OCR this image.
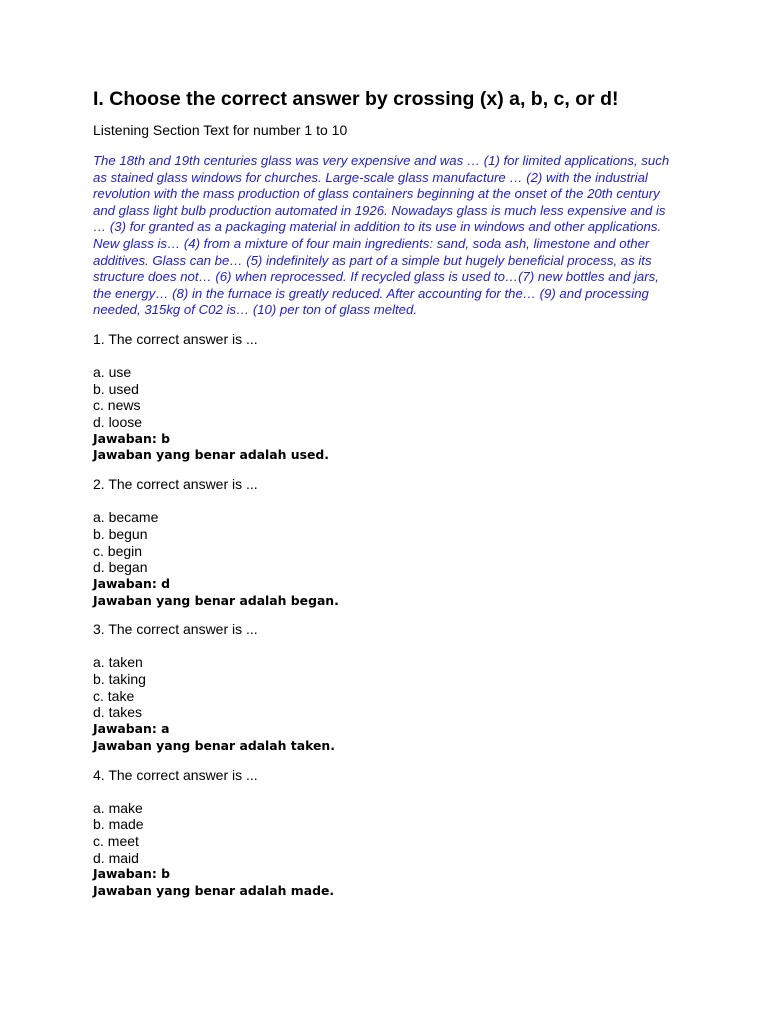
I. Choose the correct answer by crossing (x) a, b, c, or d!

Listening Section Text for number 1 to 10

The 18th and 19th centuries glass was very expensive and was … (1) for limited applications, such as stained glass windows for churches. Large-scale glass manufacture … (2) with the industrial revolution with the mass production of glass containers beginning at the onset of the 20th century and glass light bulb production automated in 1926. Nowadays glass is much less expensive and is … (3) for granted as a packaging material in addition to its use in windows and other applications. New glass is… (4) from a mixture of four main ingredients: sand, soda ash, limestone and other additives. Glass can be… (5) indefinitely as part of a simple but hugely beneficial process, as its structure does not… (6) when reprocessed. If recycled glass is used to…(7) new bottles and jars, the energy… (8) in the furnace is greatly reduced. After accounting for the… (9) and processing needed, 315kg of C02 is… (10) per ton of glass melted.

1. The correct answer is ...

a. use
b. used
c. news
d. loose
Jawaban: b
Jawaban yang benar adalah used.

2. The correct answer is ...

a. became
b. begun
c. begin
d. began
Jawaban: d
Jawaban yang benar adalah began.

3. The correct answer is ...

a. taken
b. taking
c. take
d. takes
Jawaban: a
Jawaban yang benar adalah taken.

4. The correct answer is ...

a. make
b. made
c. meet
d. maid
Jawaban: b
Jawaban yang benar adalah made.
